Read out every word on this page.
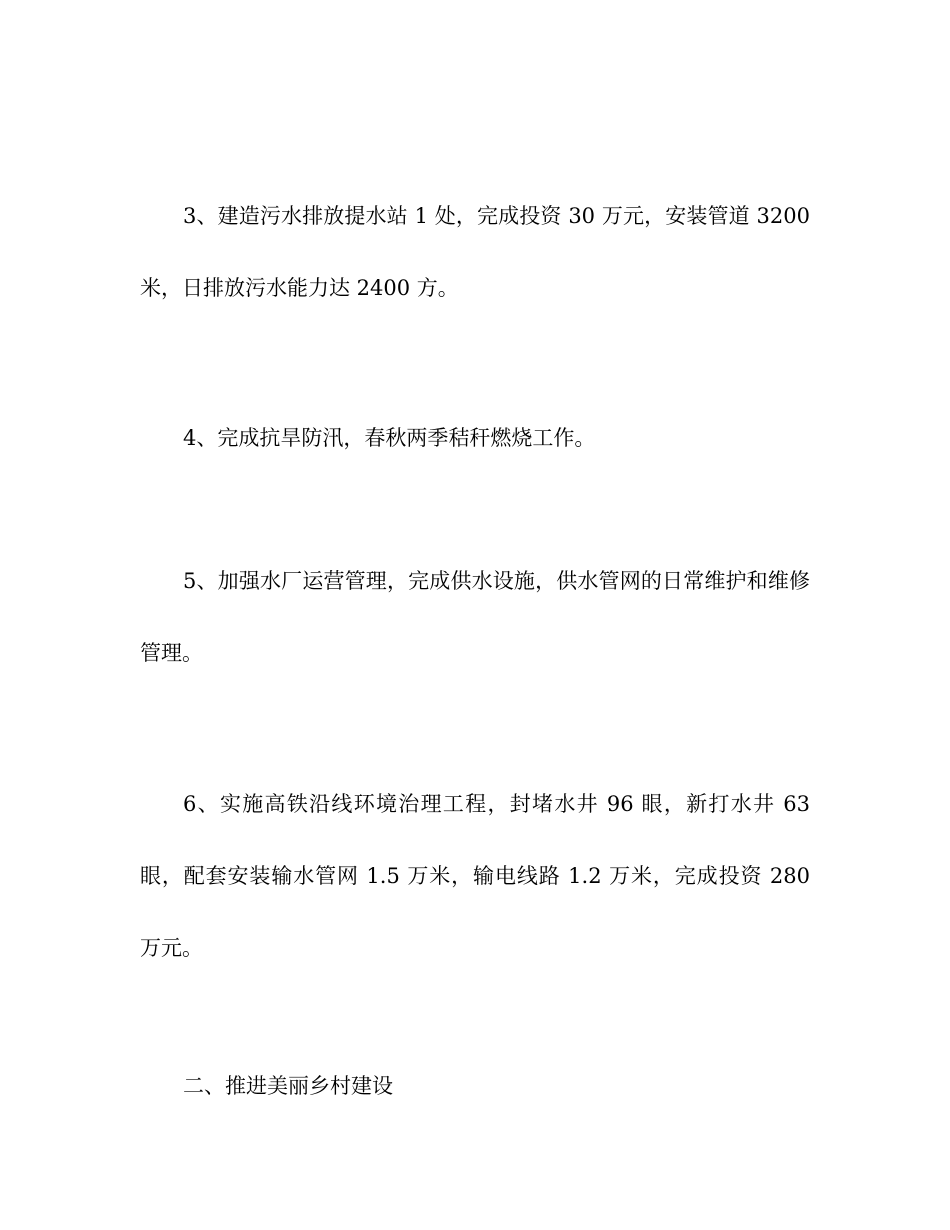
3、建造污水排放提水站 1 处，完成投资 30 万元，安装管道 3200 米，日排放污水能力达 2400 方。

4、完成抗旱防汛，春秋两季秸秆燃烧工作。

5、加强水厂运营管理，完成供水设施，供水管网的日常维护和维修管理。

6、实施高铁沿线环境治理工程，封堵水井 96 眼，新打水井 63 眼，配套安装输水管网 1.5 万米，输电线路 1.2 万米，完成投资 280 万元。

二、推进美丽乡村建设
